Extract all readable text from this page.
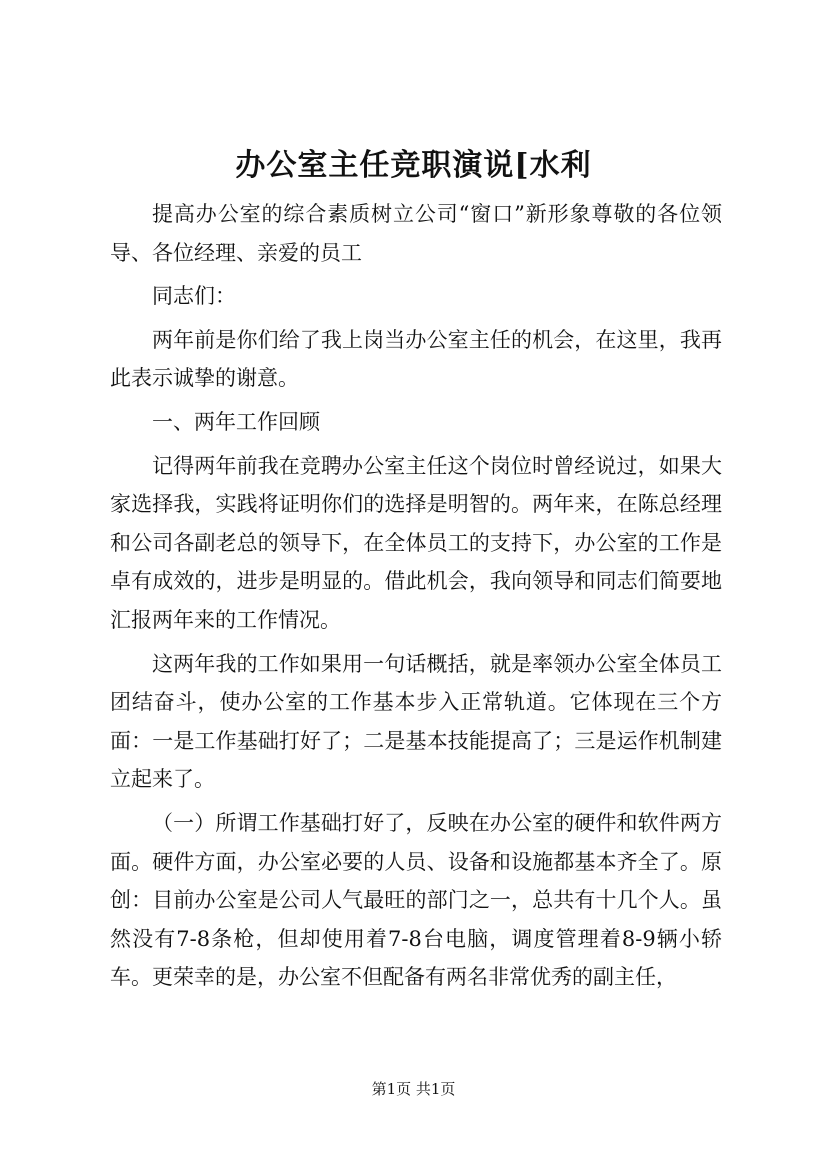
办公室主任竞职演说[水利

提高办公室的综合素质树立公司“窗口”新形象尊敬的各位领导、各位经理、亲爱的员工

同志们：

两年前是你们给了我上岗当办公室主任的机会，在这里，我再此表示诚挚的谢意。

一、两年工作回顾

记得两年前我在竞聘办公室主任这个岗位时曾经说过，如果大家选择我，实践将证明你们的选择是明智的。两年来，在陈总经理和公司各副老总的领导下，在全体员工的支持下，办公室的工作是卓有成效的，进步是明显的。借此机会，我向领导和同志们简要地汇报两年来的工作情况。

这两年我的工作如果用一句话概括，就是率领办公室全体员工团结奋斗，使办公室的工作基本步入正常轨道。它体现在三个方面：一是工作基础打好了；二是基本技能提高了；三是运作机制建立起来了。

（一）所谓工作基础打好了，反映在办公室的硬件和软件两方面。硬件方面，办公室必要的人员、设备和设施都基本齐全了。原创：目前办公室是公司人气最旺的部门之一，总共有十几个人。虽然没有7-8条枪，但却使用着7-8台电脑，调度管理着8-9辆小轿车。更荣幸的是，办公室不但配备有两名非常优秀的副主任，

第1页 共1页
